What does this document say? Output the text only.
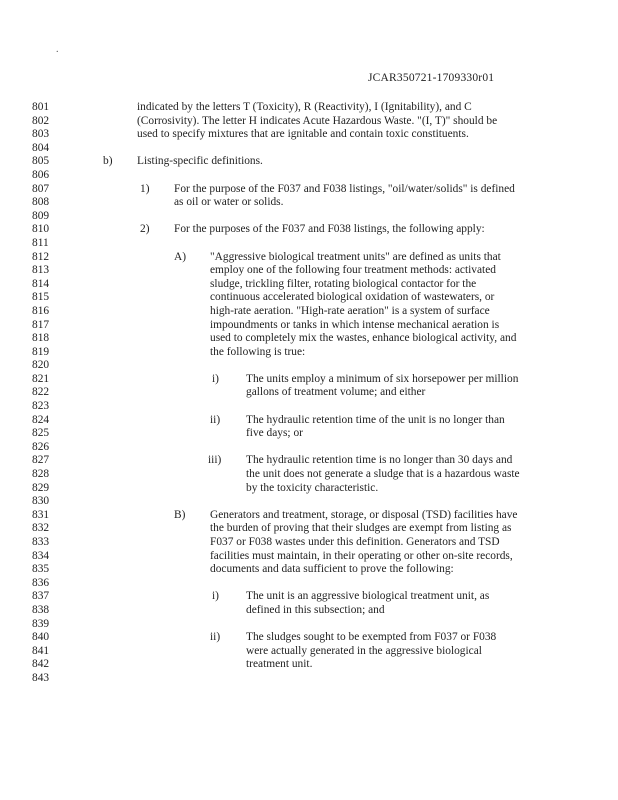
.
JCAR350721-1709330r01
801	indicated by the letters T (Toxicity), R (Reactivity), I (Ignitability), and C
802	(Corrosivity). The letter H indicates Acute Hazardous Waste. "(I, T)" should be
803	used to specify mixtures that are ignitable and contain toxic constituents.
804
805	b) Listing-specific definitions.
806
807	1) For the purpose of the F037 and F038 listings, "oil/water/solids" is defined
808	as oil or water or solids.
809
810	2) For the purposes of the F037 and F038 listings, the following apply:
811
812	A) "Aggressive biological treatment units" are defined as units that
813	employ one of the following four treatment methods: activated
814	sludge, trickling filter, rotating biological contactor for the
815	continuous accelerated biological oxidation of wastewaters, or
816	high-rate aeration. "High-rate aeration" is a system of surface
817	impoundments or tanks in which intense mechanical aeration is
818	used to completely mix the wastes, enhance biological activity, and
819	the following is true:
820
821	i) The units employ a minimum of six horsepower per million
822	gallons of treatment volume; and either
823
824	ii) The hydraulic retention time of the unit is no longer than
825	five days; or
826
827	iii) The hydraulic retention time is no longer than 30 days and
828	the unit does not generate a sludge that is a hazardous waste
829	by the toxicity characteristic.
830
831	B) Generators and treatment, storage, or disposal (TSD) facilities have
832	the burden of proving that their sludges are exempt from listing as
833	F037 or F038 wastes under this definition. Generators and TSD
834	facilities must maintain, in their operating or other on-site records,
835	documents and data sufficient to prove the following:
836
837	i) The unit is an aggressive biological treatment unit, as
838	defined in this subsection; and
839
840	ii) The sludges sought to be exempted from F037 or F038
841	were actually generated in the aggressive biological
842	treatment unit.
843
